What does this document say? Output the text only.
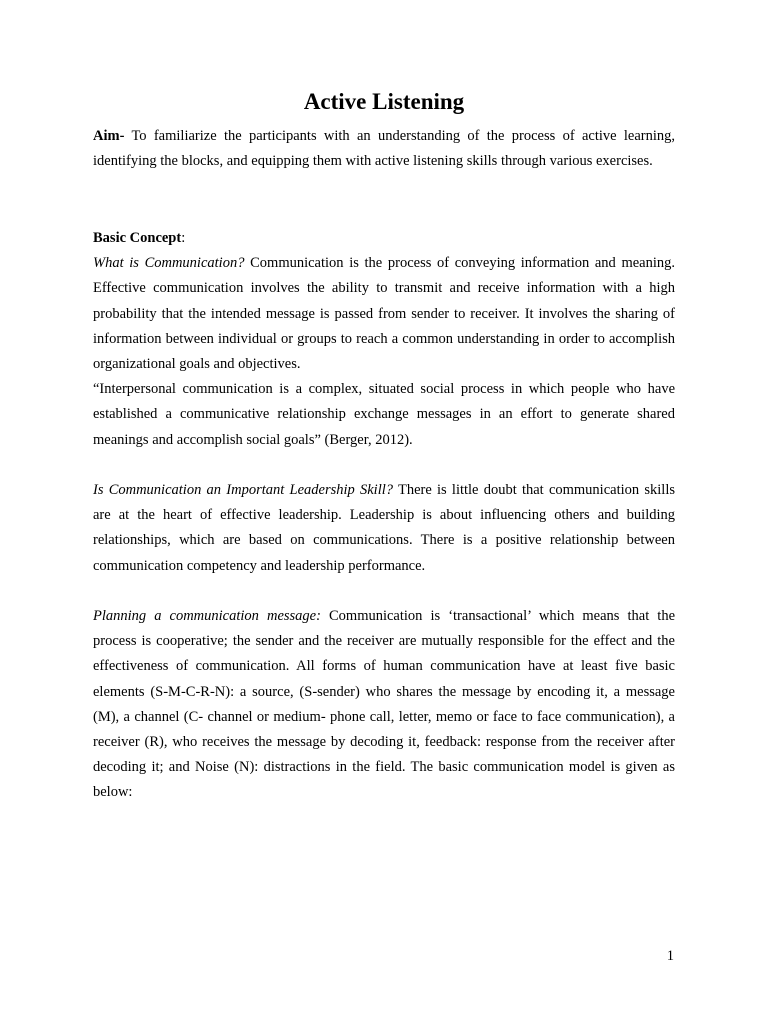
Active Listening

Aim- To familiarize the participants with an understanding of the process of active learning, identifying the blocks, and equipping them with active listening skills through various exercises.

Basic Concept:

What is Communication? Communication is the process of conveying information and meaning. Effective communication involves the ability to transmit and receive information with a high probability that the intended message is passed from sender to receiver. It involves the sharing of information between individual or groups to reach a common understanding in order to accomplish organizational goals and objectives.

“Interpersonal communication is a complex, situated social process in which people who have established a communicative relationship exchange messages in an effort to generate shared meanings and accomplish social goals” (Berger, 2012).

Is Communication an Important Leadership Skill? There is little doubt that communication skills are at the heart of effective leadership. Leadership is about influencing others and building relationships, which are based on communications. There is a positive relationship between communication competency and leadership performance.

Planning a communication message: Communication is ‘transactional’ which means that the process is cooperative; the sender and the receiver are mutually responsible for the effect and the effectiveness of communication. All forms of human communication have at least five basic elements (S-M-C-R-N): a source, (S-sender) who shares the message by encoding it, a message (M), a channel (C- channel or medium- phone call, letter, memo or face to face communication), a receiver (R), who receives the message by decoding it, feedback: response from the receiver after decoding it; and Noise (N): distractions in the field. The basic communication model is given as below:

1
